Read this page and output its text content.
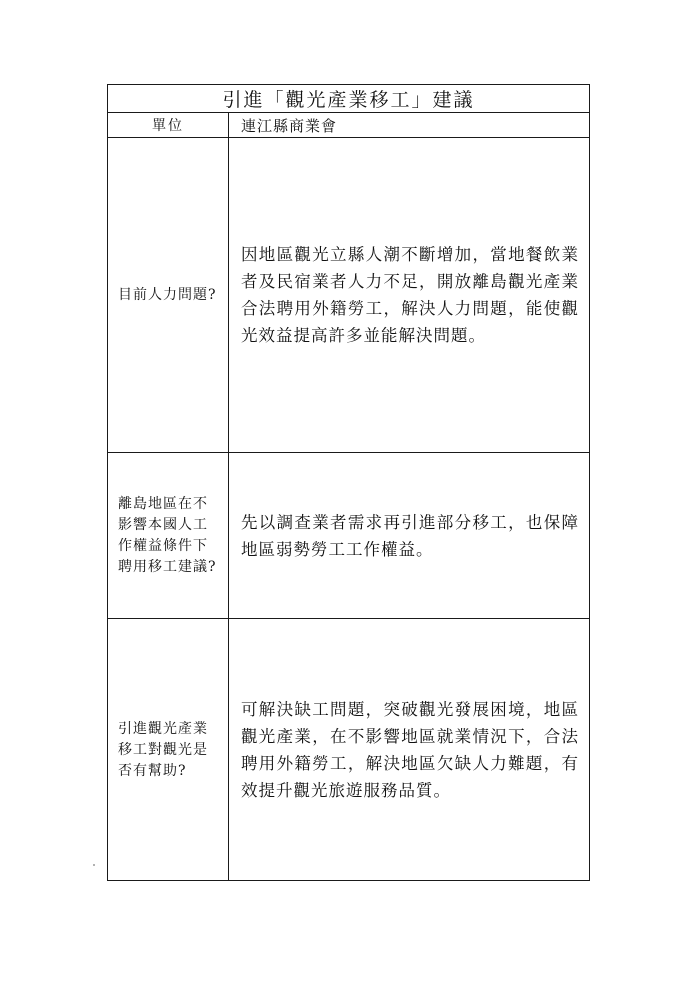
引進「觀光產業移工」建議
單位	連江縣商業會
目前人力問題?
因地區觀光立縣人潮不斷增加，當地餐飲業者及民宿業者人力不足，開放離島觀光產業合法聘用外籍勞工，解決人力問題，能使觀光效益提高許多並能解決問題。
離島地區在不影響本國人工作權益條件下聘用移工建議?
先以調查業者需求再引進部分移工，也保障地區弱勢勞工工作權益。
引進觀光產業移工對觀光是否有幫助?
可解決缺工問題，突破觀光發展困境，地區觀光產業，在不影響地區就業情況下，合法聘用外籍勞工，解決地區欠缺人力難題，有效提升觀光旅遊服務品質。
